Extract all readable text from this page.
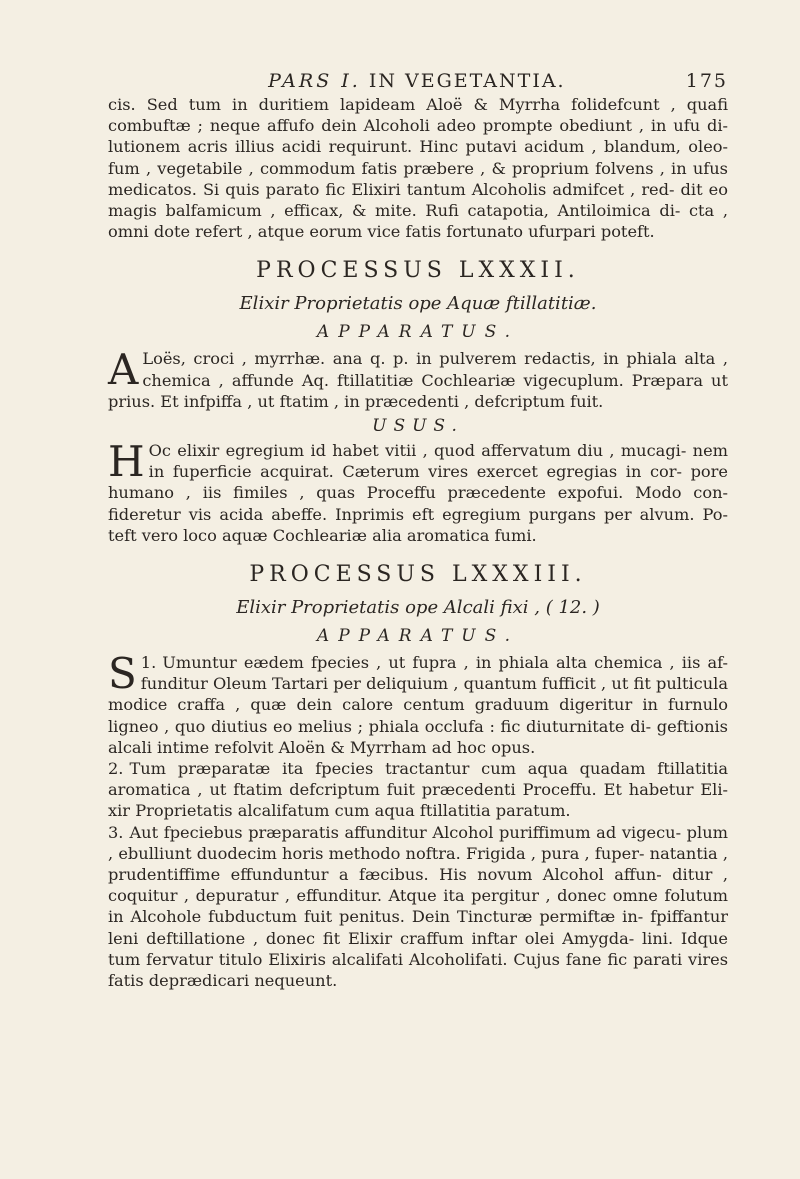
PARS I. IN VEGETANTIA.	175

cis. Sed tum in duritiem lapideam Aloë & Myrrha folidefcunt , quafi combuftæ ; neque affufo dein Alcoholi adeo prompte obediunt , in ufu di- lutionem acris illius acidi requirunt. Hinc putavi acidum , blandum, oleo- fum , vegetabile , commodum fatis præbere , & proprium folvens , in ufus medicatos. Si quis parato fic Elixiri tantum Alcoholis admifcet , red- dit eo magis balfamicum , efficax, & mite. Rufi catapotia, Antiloimica di- cta , omni dote refert , atque eorum vice fatis fortunato ufurpari poteft.

PROCESSUS LXXXII.
Elixir Proprietatis ope Aquæ ftillatitiæ.
APPARATUS.

A Loës, croci , myrrhæ. ana q. p. in pulverem redactis, in phiala alta , chemica , affunde Aq. ftillatitiæ Cochleariæ vigecuplum. Præpara ut prius. Et infpiffa , ut ftatim , in præcedenti , defcriptum fuit.

USUS.

H Oc elixir egregium id habet vitii , quod affervatum diu , mucagi- nem in fuperficie acquirat. Cæterum vires exercet egregias in cor- pore humano , iis fimiles , quas Proceffu præcedente expofui. Modo con- fideretur vis acida abeffe. Inprimis eft egregium purgans per alvum. Po- teft vero loco aquæ Cochleariæ alia aromatica fumi.

PROCESSUS LXXXIII.
Elixir Proprietatis ope Alcali fixi , ( 12. )
APPARATUS.

1.
S Umuntur eædem fpecies , ut fupra , in phiala alta chemica , iis af- funditur Oleum Tartari per deliquium , quantum fufficit , ut fit pulticula modice craffa , quæ dein calore centum graduum digeritur in furnulo ligneo , quo diutius eo melius ; phiala occlufa : fic diuturnitate di- geftionis alcali intime refolvit Aloën & Myrrham ad hoc opus.

2. Tum præparatæ ita fpecies tractantur cum aqua quadam ftillatitia aromatica , ut ftatim defcriptum fuit præcedenti Proceffu. Et habetur Eli- xir Proprietatis alcalifatum cum aqua ftillatitia paratum.

3. Aut fpeciebus præparatis affunditur Alcohol puriffimum ad vigecu- plum , ebulliunt duodecim horis methodo noftra. Frigida , pura , fuper- natantia , prudentiffime effunduntur a fæcibus. His novum Alcohol affun- ditur , coquitur , depuratur , effunditur. Atque ita pergitur , donec omne folutum in Alcohole fubductum fuit penitus. Dein Tincturæ permiftæ in- fpiffantur leni deftillatione , donec fit Elixir craffum inftar olei Amygda- lini. Idque tum fervatur titulo Elixiris alcalifati Alcoholifati. Cujus fane fic parati vires fatis deprædicari nequeunt.
